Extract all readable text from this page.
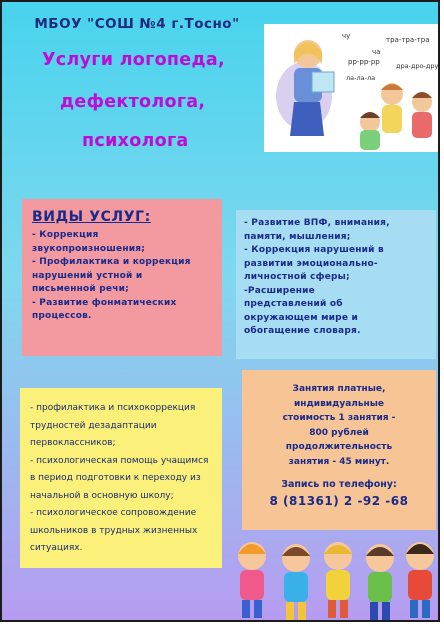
МБОУ "СОШ №4 г.Тосно"
Услуги логопеда,
дефектолога,
психолога
чу	тра-тра-тра
рр-рр-рр
ча
дра-дро-дру
ла-ла-ла
ВИДЫ УСЛУГ:
- Коррекция
звукопроизношения;
- Профилактика и коррекция
нарушений устной и
письменной речи;
- Развитие фонматических
процессов.
- Развитие ВПФ, внимания,
памяти, мышления;
- Коррекция нарушений в
развитии эмоционально-
личностной сферы;
-Расширение
представлений об
окружающем мире и
обогащение словаря.
- профилактика и психокоррекция
трудностей дезадаптации
первоклассников;
- психологическая помощь учащимся
в период подготовки к переходу из
начальной в основную школу;
- психологическое сопровождение
школьников в трудных жизненных
ситуациях.
Занятия платные,
индивидуальные
стоимость 1 занятия -
800 рублей
продолжительность
занятия - 45 минут.
Запись по телефону:
8 (81361) 2 -92 -68
